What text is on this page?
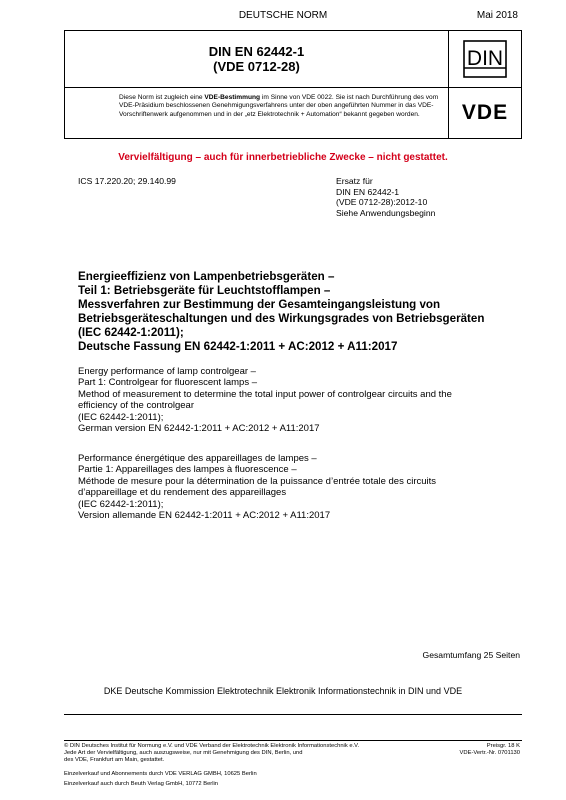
DEUTSCHE NORM	Mai 2018
DIN EN 62442-1
(VDE 0712-28)	DIN
Diese Norm ist zugleich eine VDE-Bestimmung im Sinne von VDE 0022. Sie ist nach Durchführung des vom VDE-Präsidium beschlossenen Genehmigungsverfahrens unter der oben angeführten Nummer in das VDE-Vorschriftenwerk aufgenommen und in der „etz Elektrotechnik + Automation“ bekannt gegeben worden.	VDE
Vervielfältigung – auch für innerbetriebliche Zwecke – nicht gestattet.
ICS 17.220.20; 29.140.99	Ersatz für
DIN EN 62442-1
(VDE 0712-28):2012-10
Siehe Anwendungsbeginn
Energieeffizienz von Lampenbetriebsgeräten –
Teil 1: Betriebsgeräte für Leuchtstofflampen –
Messverfahren zur Bestimmung der Gesamteingangsleistung von
Betriebsgeräteschaltungen und des Wirkungsgrades von Betriebsgeräten
(IEC 62442-1:2011);
Deutsche Fassung EN 62442-1:2011 + AC:2012 + A11:2017
Energy performance of lamp controlgear –
Part 1: Controlgear for fluorescent lamps –
Method of measurement to determine the total input power of controlgear circuits and the
efficiency of the controlgear
(IEC 62442-1:2011);
German version EN 62442-1:2011 + AC:2012 + A11:2017
Performance énergétique des appareillages de lampes –
Partie 1: Appareillages des lampes à fluorescence –
Méthode de mesure pour la détermination de la puissance d’entrée totale des circuits
d’appareillage et du rendement des appareillages
(IEC 62442-1:2011);
Version allemande EN 62442-1:2011 + AC:2012 + A11:2017
Gesamtumfang 25 Seiten
DKE Deutsche Kommission Elektrotechnik Elektronik Informationstechnik in DIN und VDE
© DIN Deutsches Institut für Normung e.V. und VDE Verband der Elektrotechnik Elektronik Informationstechnik e.V.
Jede Art der Vervielfältigung, auch auszugsweise, nur mit Genehmigung des DIN, Berlin, und
des VDE, Frankfurt am Main, gestattet.
Preisgr. 18 K
VDE-Vertr.-Nr. 0701130
Einzelverkauf und Abonnements durch VDE VERLAG GMBH, 10625 Berlin
Einzelverkauf auch durch Beuth Verlag GmbH, 10772 Berlin
